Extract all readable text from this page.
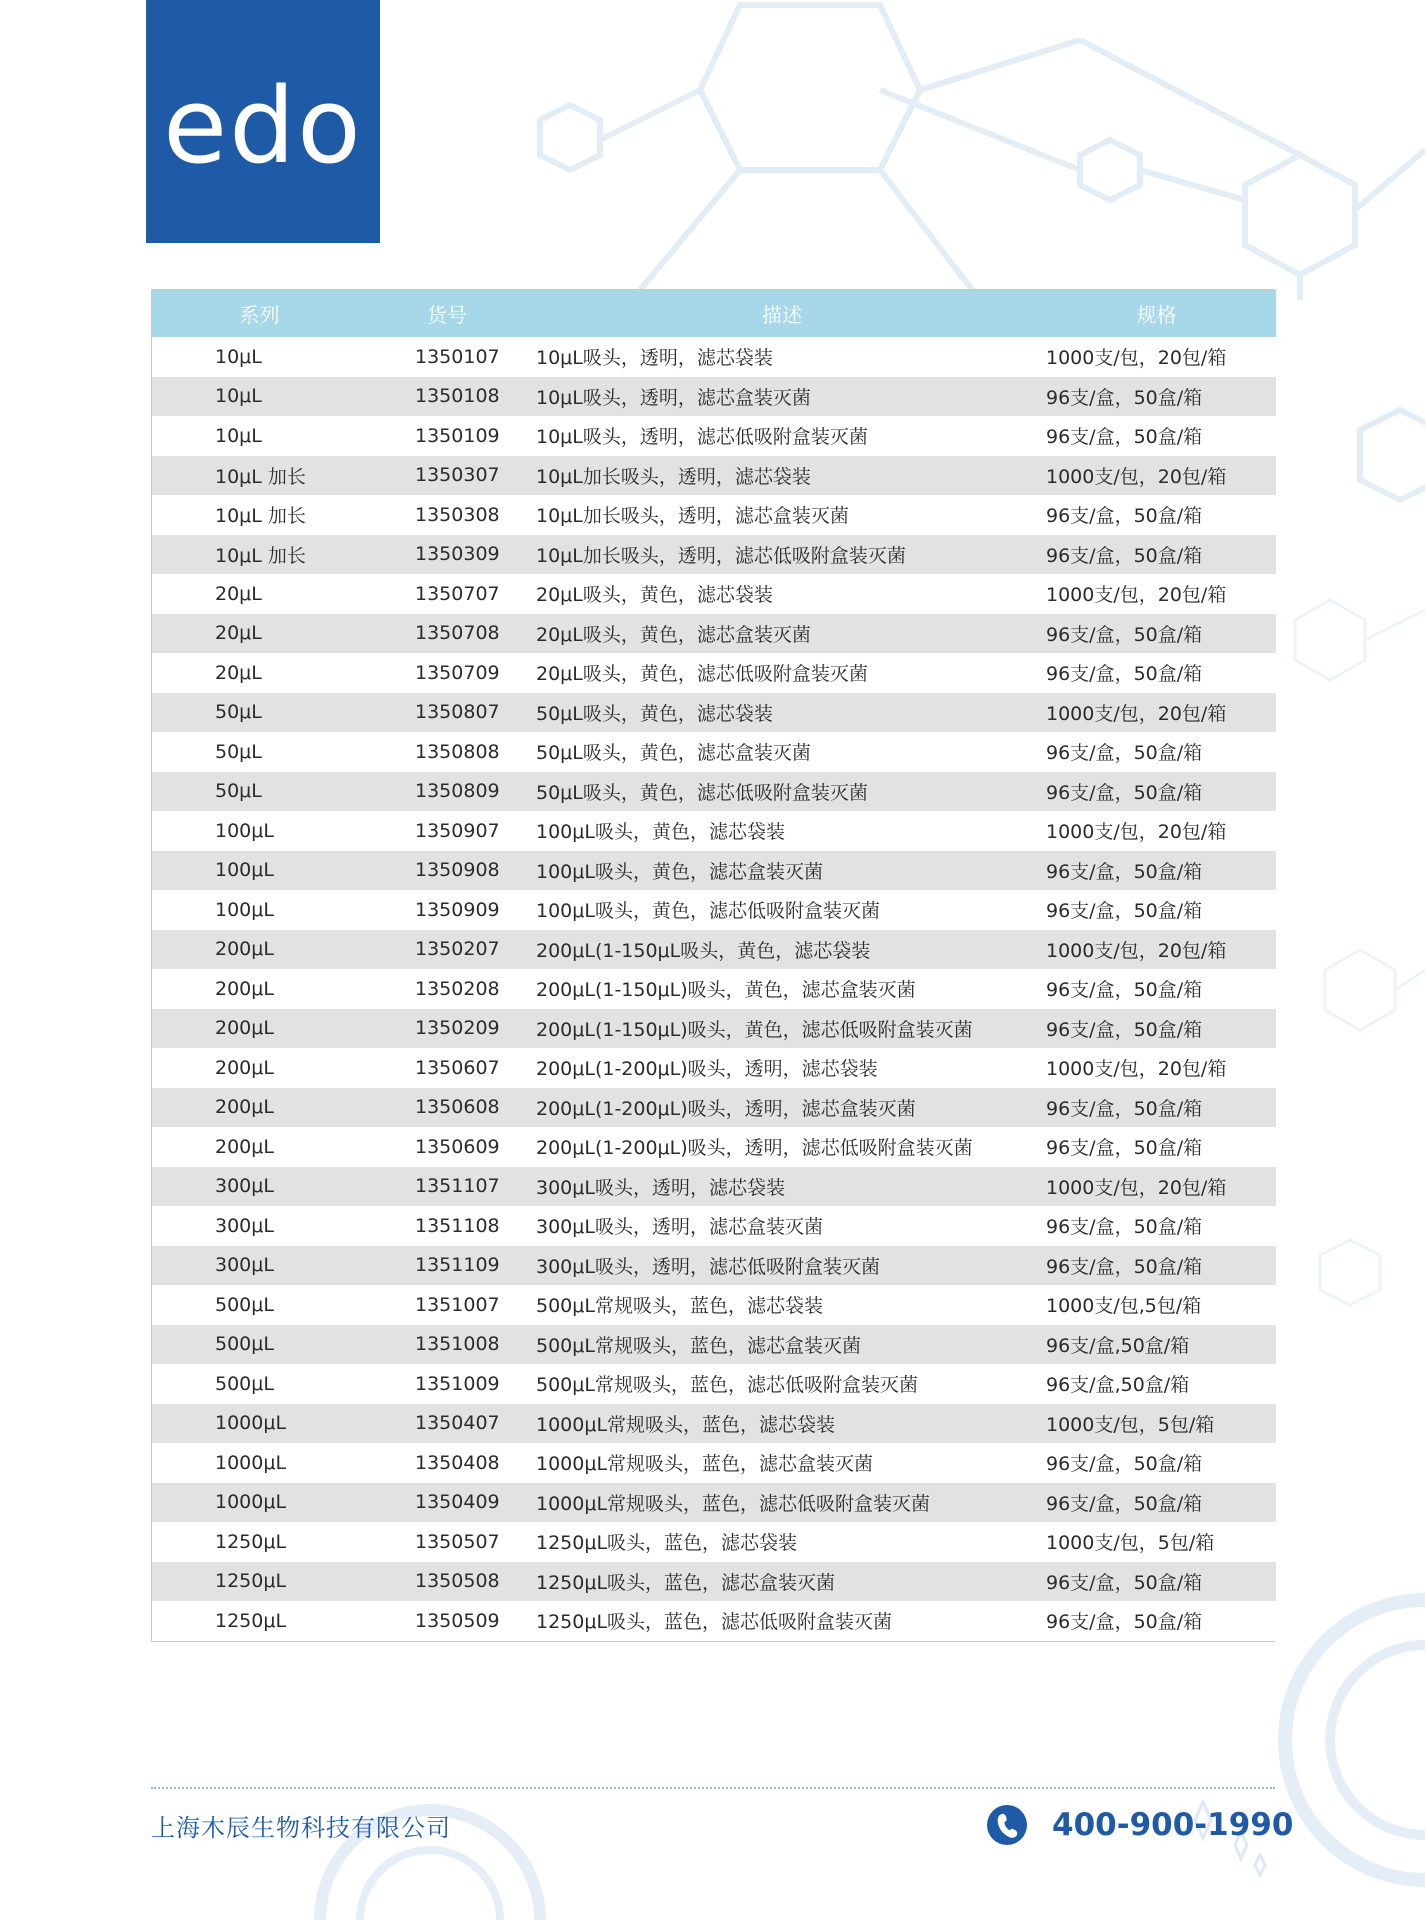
edo
系列	货号	描述	规格
10μL	1350107	10μL吸头，透明，滤芯袋装	1000支/包，20包/箱
10μL	1350108	10μL吸头，透明，滤芯盒装灭菌	96支/盒，50盒/箱
10μL	1350109	10μL吸头，透明，滤芯低吸附盒装灭菌	96支/盒，50盒/箱
10μL 加长	1350307	10μL加长吸头，透明，滤芯袋装	1000支/包，20包/箱
10μL 加长	1350308	10μL加长吸头，透明，滤芯盒装灭菌	96支/盒，50盒/箱
10μL 加长	1350309	10μL加长吸头，透明，滤芯低吸附盒装灭菌	96支/盒，50盒/箱
20μL	1350707	20μL吸头，黄色，滤芯袋装	1000支/包，20包/箱
20μL	1350708	20μL吸头，黄色，滤芯盒装灭菌	96支/盒，50盒/箱
20μL	1350709	20μL吸头，黄色，滤芯低吸附盒装灭菌	96支/盒，50盒/箱
50μL	1350807	50μL吸头，黄色，滤芯袋装	1000支/包，20包/箱
50μL	1350808	50μL吸头，黄色，滤芯盒装灭菌	96支/盒，50盒/箱
50μL	1350809	50μL吸头，黄色，滤芯低吸附盒装灭菌	96支/盒，50盒/箱
100μL	1350907	100μL吸头，黄色，滤芯袋装	1000支/包，20包/箱
100μL	1350908	100μL吸头，黄色，滤芯盒装灭菌	96支/盒，50盒/箱
100μL	1350909	100μL吸头，黄色，滤芯低吸附盒装灭菌	96支/盒，50盒/箱
200μL	1350207	200μL(1-150μL吸头，黄色，滤芯袋装	1000支/包，20包/箱
200μL	1350208	200μL(1-150μL)吸头，黄色，滤芯盒装灭菌	96支/盒，50盒/箱
200μL	1350209	200μL(1-150μL)吸头，黄色，滤芯低吸附盒装灭菌	96支/盒，50盒/箱
200μL	1350607	200μL(1-200μL)吸头，透明，滤芯袋装	1000支/包，20包/箱
200μL	1350608	200μL(1-200μL)吸头，透明，滤芯盒装灭菌	96支/盒，50盒/箱
200μL	1350609	200μL(1-200μL)吸头，透明，滤芯低吸附盒装灭菌	96支/盒，50盒/箱
300μL	1351107	300μL吸头，透明，滤芯袋装	1000支/包，20包/箱
300μL	1351108	300μL吸头，透明，滤芯盒装灭菌	96支/盒，50盒/箱
300μL	1351109	300μL吸头，透明，滤芯低吸附盒装灭菌	96支/盒，50盒/箱
500μL	1351007	500μL常规吸头，蓝色，滤芯袋装	1000支/包,5包/箱
500μL	1351008	500μL常规吸头，蓝色，滤芯盒装灭菌	96支/盒,50盒/箱
500μL	1351009	500μL常规吸头，蓝色，滤芯低吸附盒装灭菌	96支/盒,50盒/箱
1000μL	1350407	1000μL常规吸头，蓝色，滤芯袋装	1000支/包，5包/箱
1000μL	1350408	1000μL常规吸头，蓝色，滤芯盒装灭菌	96支/盒，50盒/箱
1000μL	1350409	1000μL常规吸头，蓝色，滤芯低吸附盒装灭菌	96支/盒，50盒/箱
1250μL	1350507	1250μL吸头，蓝色，滤芯袋装	1000支/包，5包/箱
1250μL	1350508	1250μL吸头，蓝色，滤芯盒装灭菌	96支/盒，50盒/箱
1250μL	1350509	1250μL吸头，蓝色，滤芯低吸附盒装灭菌	96支/盒，50盒/箱
上海木辰生物科技有限公司	400-900-1990
